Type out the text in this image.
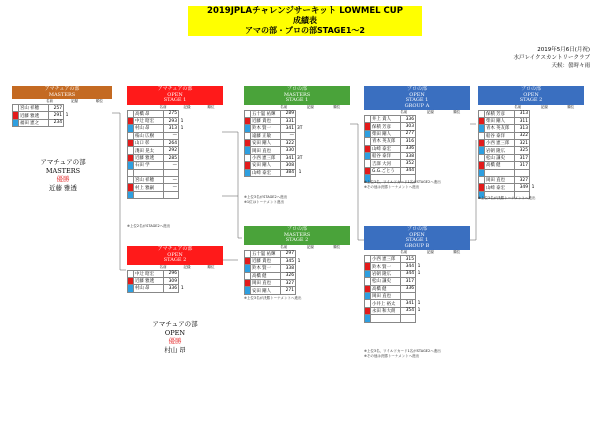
2019JPLAチャレンジサーキット LOWMEL CUP
成績表
アマの部・プロの部STAGE1～2
2019年5月6日(月祝)
水戸レイクスカントリークラブ
天候：曇時々雨
アマチュアの部
MASTERS
名前	記録	順位
	宮山 祥穂	257	
	近藤 雅透	291	1
	福田 憲之	234	
アマチュアの部
OPEN
STAGE 1
名前	記録	順位
	高橋 昂	275	
	中辻 昭宏	293	1
	村山 昂	313	1
	桜山 広樹	—	
	山口 彰	264	
	淺田 晃太	292	
	近藤 雅透	285	
	石田 学	—	

	宮山 祥穂	—	
	村上 雅嗣	—	

アマチュアの部
OPEN
STAGE 2
名前	記録	順位
	中辻 昭宏	296	
	近藤 雅透	309	
	村山 昂	336	1
プロの部
MASTERS
STAGE 1
名前	記録	順位
	五十嵐 祐輝	289	
	近藤 貴也	331	
	鈴木 賢一	341	3T
	遠藤 正敏	—	
	安田 剛人	322	
	岡田 直也	330	
	小西 憲三郎	341	3T
	安田 剛人	308	
	山崎 泰宏	384	1
プロの部
MASTERS
STAGE 2
名前	記録	順位
	五十嵐 祐輝	297	
	近藤 貴也	345	1
	鈴木 賢一	338	
	高橋 健	326	
	岡田 直也	327	
	安田 剛人	271	
プロの部
OPEN
STAGE 1
GROUP A
名前	記録	順位
	井上 貴人	336	
	保積 芳彦	303	
	柴田 剛人	277	
	青木 英友郎	316	
	山崎 泰宏	336	
	船谷 泰洋	338	
	吉澤 大河	352	
	G.G.ごとう	344	

プロの部
OPEN
STAGE 1
GROUP B
名前	記録	順位
	小西 憲三郎	315	
	鈴木 賢一	344	1
	岩朝 隆広	344	1
	松山 謙史	317	
	高橋 健	336	
	岡田 直也		
	小井上 裕太	341	1
	永田 和大朗	354	1

プロの部
OPEN
STAGE 2
名前	記録	順位
	保積 芳彦	313	
	柴田 剛人	311	
	青木 英友郎	313	
	船谷 泰洋	322	
	小西 憲三郎	321	
	岩朝 隆広	325	
	松山 謙史	317	
	高橋 健	317	

	岡田 直也	327	
	山崎 泰宏	349	1

※上位2名がSTAGE2へ進出
※上位3名がSTAGE2へ進出
※1位はトーナメント進出
※上位3名が決勝トーナメントへ進出
※上位3名、ワイルドカード1名がSTAGE2へ進出
※その他は決勝トーナメントへ進出
※上位3名、ワイルドカード1名がSTAGE2へ進出
※その他は決勝トーナメントへ進出
※上位3名が決勝トーナメントへ進出
アマチュアの部
MASTERS
優勝
近藤 雅透
アマチュアの部
OPEN
優勝
村山 昂
